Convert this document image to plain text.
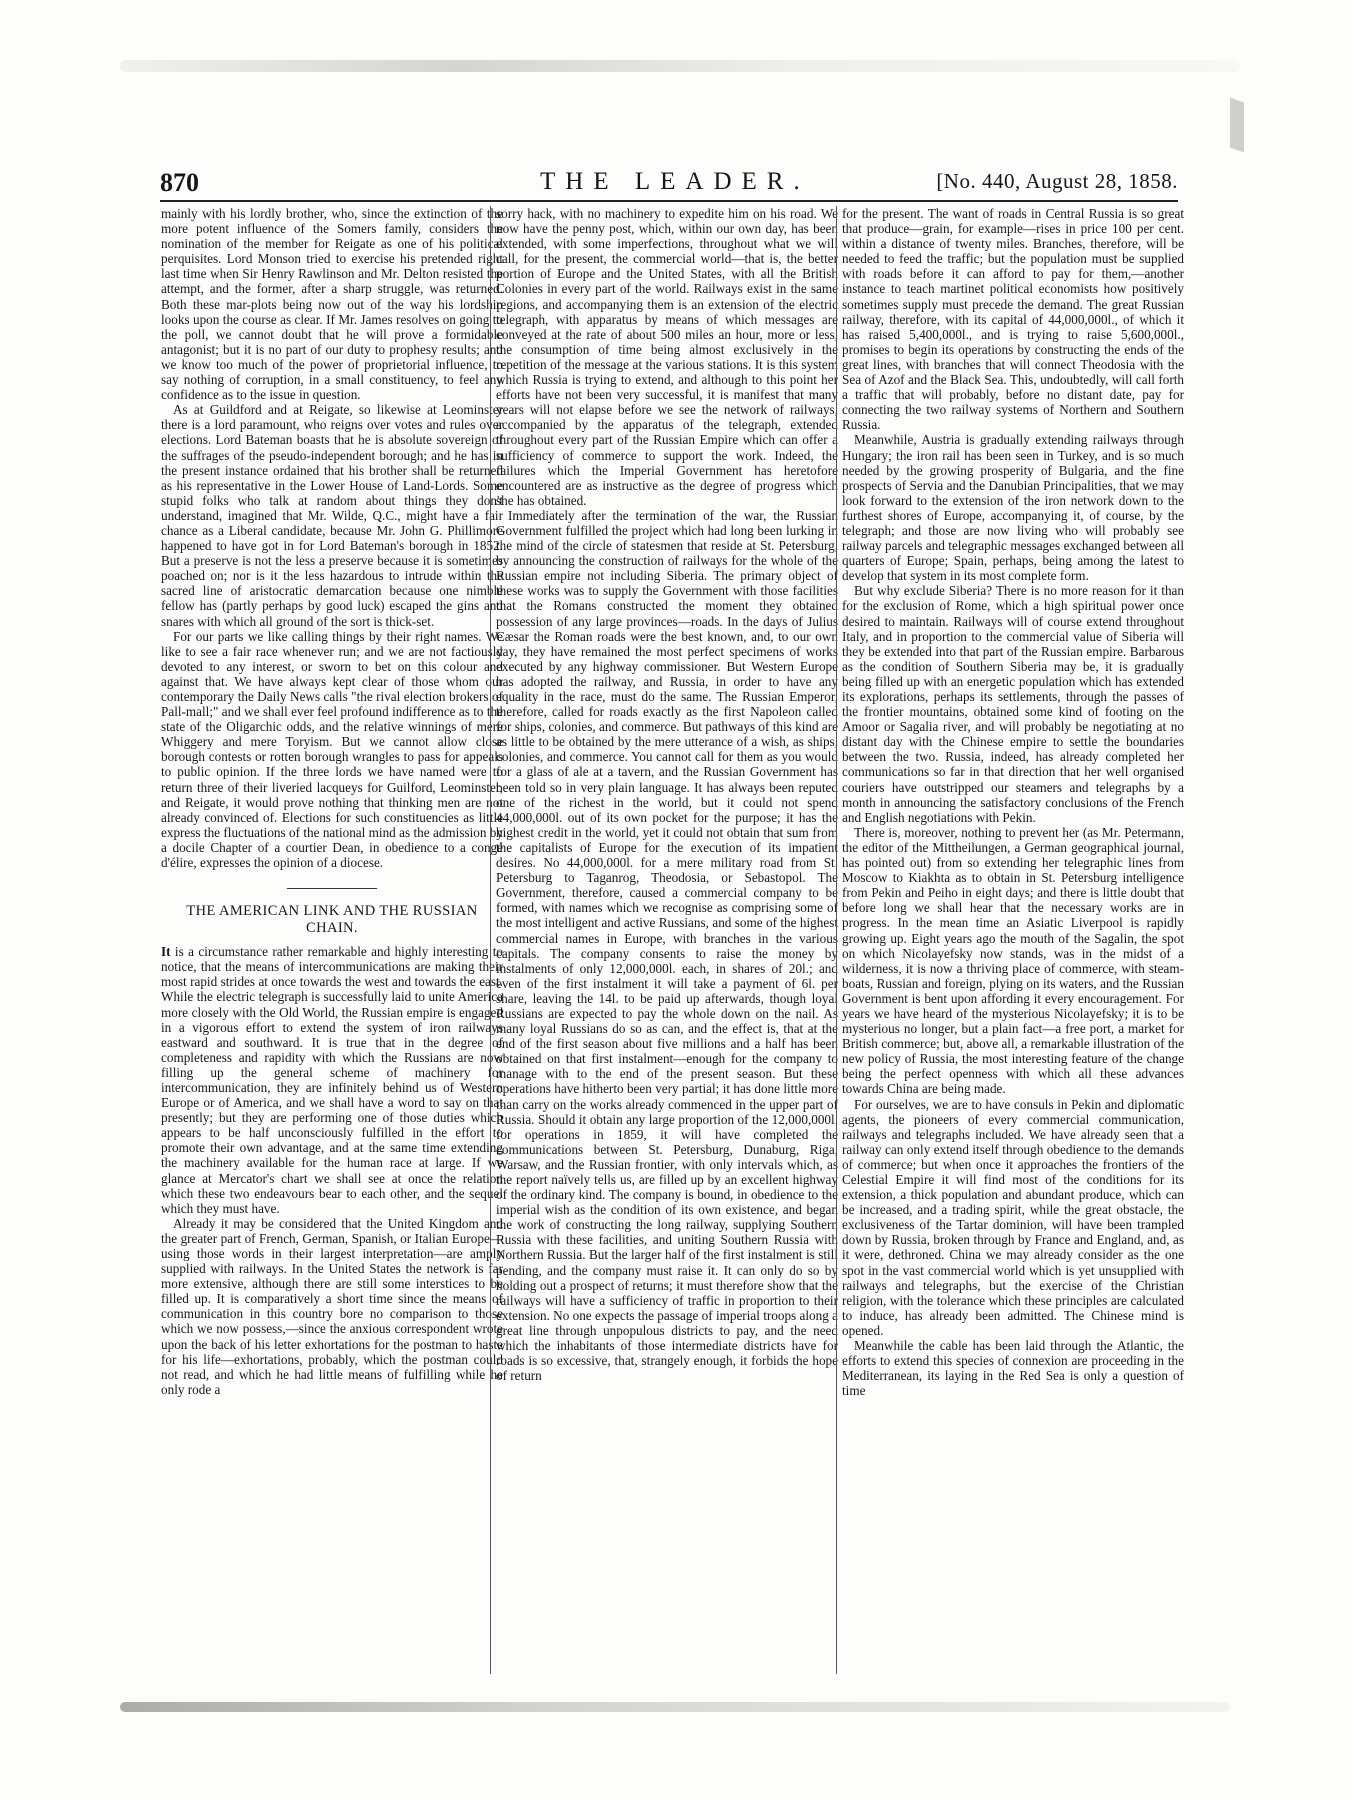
870	THE LEADER.	[No. 440, August 28, 1858.

mainly with his lordly brother, who, since the extinction of the more potent influence of the Somers family, considers the nomination of the member for Reigate as one of his political perquisites. Lord Monson tried to exercise his pretended right last time when Sir Henry Rawlinson and Mr. Delton resisted the attempt, and the former, after a sharp struggle, was returned. Both these mar-plots being now out of the way his lordship looks upon the course as clear. If Mr. James resolves on going to the poll, we cannot doubt that he will prove a formidable antagonist; but it is no part of our duty to prophesy results; and we know too much of the power of proprietorial influence, to say nothing of corruption, in a small constituency, to feel any confidence as to the issue in question.

As at Guildford and at Reigate, so likewise at Leominster there is a lord paramount, who reigns over votes and rules over elections. Lord Bateman boasts that he is absolute sovereign of the suffrages of the pseudo-independent borough; and he has in the present instance ordained that his brother shall be returned as his representative in the Lower House of Land-Lords. Some stupid folks who talk at random about things they don't understand, imagined that Mr. Wilde, Q.C., might have a fair chance as a Liberal candidate, because Mr. John G. Phillimore happened to have got in for Lord Bateman's borough in 1852. But a preserve is not the less a preserve because it is sometimes poached on; nor is it the less hazardous to intrude within the sacred line of aristocratic demarcation because one nimble fellow has (partly perhaps by good luck) escaped the gins and snares with which all ground of the sort is thick-set.

For our parts we like calling things by their right names. We like to see a fair race whenever run; and we are not factiously devoted to any interest, or sworn to bet on this colour and against that. We have always kept clear of those whom our contemporary the Daily News calls "the rival election brokers of Pall-mall;" and we shall ever feel profound indifference as to the state of the Oligarchic odds, and the relative winnings of mere Whiggery and mere Toryism. But we cannot allow close borough contests or rotten borough wrangles to pass for appeals to public opinion. If the three lords we have named were to return three of their liveried lacqueys for Guilford, Leominster, and Reigate, it would prove nothing that thinking men are not already convinced of. Elections for such constituencies as little express the fluctuations of the national mind as the admission by a docile Chapter of a courtier Dean, in obedience to a congé d'élire, expresses the opinion of a diocese.

THE AMERICAN LINK AND THE RUSSIAN CHAIN.

It is a circumstance rather remarkable and highly interesting to notice, that the means of intercommunications are making their most rapid strides at once towards the west and towards the east. While the electric telegraph is successfully laid to unite America more closely with the Old World, the Russian empire is engaged in a vigorous effort to extend the system of iron railways eastward and southward. It is true that in the degree of completeness and rapidity with which the Russians are now filling up the general scheme of machinery for intercommunication, they are infinitely behind us of Western Europe or of America, and we shall have a word to say on that presently; but they are performing one of those duties which appears to be half unconsciously fulfilled in the effort to promote their own advantage, and at the same time extending the machinery available for the human race at large. If we glance at Mercator's chart we shall see at once the relation which these two endeavours bear to each other, and the sequel which they must have.

Already it may be considered that the United Kingdom and the greater part of French, German, Spanish, or Italian Europe—using those words in their largest interpretation—are amply supplied with railways. In the United States the network is far more extensive, although there are still some interstices to be filled up. It is comparatively a short time since the means of communication in this country bore no comparison to those which we now possess,—since the anxious correspondent wrote upon the back of his letter exhortations for the postman to haste for his life—exhortations, probably, which the postman could not read, and which he had little means of fulfilling while he only rode a

sorry hack, with no machinery to expedite him on his road. We now have the penny post, which, within our own day, has been extended, with some imperfections, throughout what we will call, for the present, the commercial world—that is, the better portion of Europe and the United States, with all the British Colonies in every part of the world. Railways exist in the same regions, and accompanying them is an extension of the electric telegraph, with apparatus by means of which messages are conveyed at the rate of about 500 miles an hour, more or less, the consumption of time being almost exclusively in the repetition of the message at the various stations. It is this system which Russia is trying to extend, and although to this point her efforts have not been very successful, it is manifest that many years will not elapse before we see the network of railways, accompanied by the apparatus of the telegraph, extended throughout every part of the Russian Empire which can offer a sufficiency of commerce to support the work. Indeed, the failures which the Imperial Government has heretofore encountered are as instructive as the degree of progress which she has obtained.

Immediately after the termination of the war, the Russian Government fulfilled the project which had long been lurking in the mind of the circle of statesmen that reside at St. Petersburg, by announcing the construction of railways for the whole of the Russian empire not including Siberia. The primary object of these works was to supply the Government with those facilities that the Romans constructed the moment they obtained possession of any large provinces—roads. In the days of Julius Cæsar the Roman roads were the best known, and, to our own day, they have remained the most perfect specimens of works executed by any highway commissioner. But Western Europe has adopted the railway, and Russia, in order to have any equality in the race, must do the same. The Russian Emperor, therefore, called for roads exactly as the first Napoleon called for ships, colonies, and commerce. But pathways of this kind are as little to be obtained by the mere utterance of a wish, as ships, colonies, and commerce. You cannot call for them as you would for a glass of ale at a tavern, and the Russian Government has been told so in very plain language. It has always been reputed one of the richest in the world, but it could not spend 44,000,000l. out of its own pocket for the purpose; it has the highest credit in the world, yet it could not obtain that sum from the capitalists of Europe for the execution of its impatient desires. No 44,000,000l. for a mere military road from St. Petersburg to Taganrog, Theodosia, or Sebastopol. The Government, therefore, caused a commercial company to be formed, with names which we recognise as comprising some of the most intelligent and active Russians, and some of the highest commercial names in Europe, with branches in the various capitals. The company consents to raise the money by instalments of only 12,000,000l. each, in shares of 20l.; and even of the first instalment it will take a payment of 6l. per share, leaving the 14l. to be paid up afterwards, though loyal Russians are expected to pay the whole down on the nail. As many loyal Russians do so as can, and the effect is, that at the end of the first season about five millions and a half has been obtained on that first instalment—enough for the company to manage with to the end of the present season. But these operations have hitherto been very partial; it has done little more than carry on the works already commenced in the upper part of Russia. Should it obtain any large proportion of the 12,000,000l. for operations in 1859, it will have completed the communications between St. Petersburg, Dunaburg, Riga, Warsaw, and the Russian frontier, with only intervals which, as the report naïvely tells us, are filled up by an excellent highway of the ordinary kind. The company is bound, in obedience to the imperial wish as the condition of its own existence, and began the work of constructing the long railway, supplying Southern Russia with these facilities, and uniting Southern Russia with Northern Russia. But the larger half of the first instalment is still pending, and the company must raise it. It can only do so by holding out a prospect of returns; it must therefore show that the railways will have a sufficiency of traffic in proportion to their extension. No one expects the passage of imperial troops along a great line through unpopulous districts to pay, and the need which the inhabitants of those intermediate districts have for roads is so excessive, that, strangely enough, it forbids the hope of return

for the present. The want of roads in Central Russia is so great that produce—grain, for example—rises in price 100 per cent. within a distance of twenty miles. Branches, therefore, will be needed to feed the traffic; but the population must be supplied with roads before it can afford to pay for them,—another instance to teach martinet political economists how positively sometimes supply must precede the demand. The great Russian railway, therefore, with its capital of 44,000,000l., of which it has raised 5,400,000l., and is trying to raise 5,600,000l., promises to begin its operations by constructing the ends of the great lines, with branches that will connect Theodosia with the Sea of Azof and the Black Sea. This, undoubtedly, will call forth a traffic that will probably, before no distant date, pay for connecting the two railway systems of Northern and Southern Russia.

Meanwhile, Austria is gradually extending railways through Hungary; the iron rail has been seen in Turkey, and is so much needed by the growing prosperity of Bulgaria, and the fine prospects of Servia and the Danubian Principalities, that we may look forward to the extension of the iron network down to the furthest shores of Europe, accompanying it, of course, by the telegraph; and those are now living who will probably see railway parcels and telegraphic messages exchanged between all quarters of Europe; Spain, perhaps, being among the latest to develop that system in its most complete form.

But why exclude Siberia? There is no more reason for it than for the exclusion of Rome, which a high spiritual power once desired to maintain. Railways will of course extend throughout Italy, and in proportion to the commercial value of Siberia will they be extended into that part of the Russian empire. Barbarous as the condition of Southern Siberia may be, it is gradually being filled up with an energetic population which has extended its explorations, perhaps its settlements, through the passes of the frontier mountains, obtained some kind of footing on the Amoor or Sagalia river, and will probably be negotiating at no distant day with the Chinese empire to settle the boundaries between the two. Russia, indeed, has already completed her communications so far in that direction that her well organised couriers have outstripped our steamers and telegraphs by a month in announcing the satisfactory conclusions of the French and English negotiations with Pekin.

There is, moreover, nothing to prevent her (as Mr. Petermann, the editor of the Mittheilungen, a German geographical journal, has pointed out) from so extending her telegraphic lines from Moscow to Kiakhta as to obtain in St. Petersburg intelligence from Pekin and Peiho in eight days; and there is little doubt that before long we shall hear that the necessary works are in progress. In the mean time an Asiatic Liverpool is rapidly growing up. Eight years ago the mouth of the Sagalin, the spot on which Nicolayefsky now stands, was in the midst of a wilderness, it is now a thriving place of commerce, with steam-boats, Russian and foreign, plying on its waters, and the Russian Government is bent upon affording it every encouragement. For years we have heard of the mysterious Nicolayefsky; it is to be mysterious no longer, but a plain fact—a free port, a market for British commerce; but, above all, a remarkable illustration of the new policy of Russia, the most interesting feature of the change being the perfect openness with which all these advances towards China are being made.

For ourselves, we are to have consuls in Pekin and diplomatic agents, the pioneers of every commercial communication, railways and telegraphs included. We have already seen that a railway can only extend itself through obedience to the demands of commerce; but when once it approaches the frontiers of the Celestial Empire it will find most of the conditions for its extension, a thick population and abundant produce, which can be increased, and a trading spirit, while the great obstacle, the exclusiveness of the Tartar dominion, will have been trampled down by Russia, broken through by France and England, and, as it were, dethroned. China we may already consider as the one spot in the vast commercial world which is yet unsupplied with railways and telegraphs, but the exercise of the Christian religion, with the tolerance which these principles are calculated to induce, has already been admitted. The Chinese mind is opened.

Meanwhile the cable has been laid through the Atlantic, the efforts to extend this species of connexion are proceeding in the Mediterranean, its laying in the Red Sea is only a question of time
